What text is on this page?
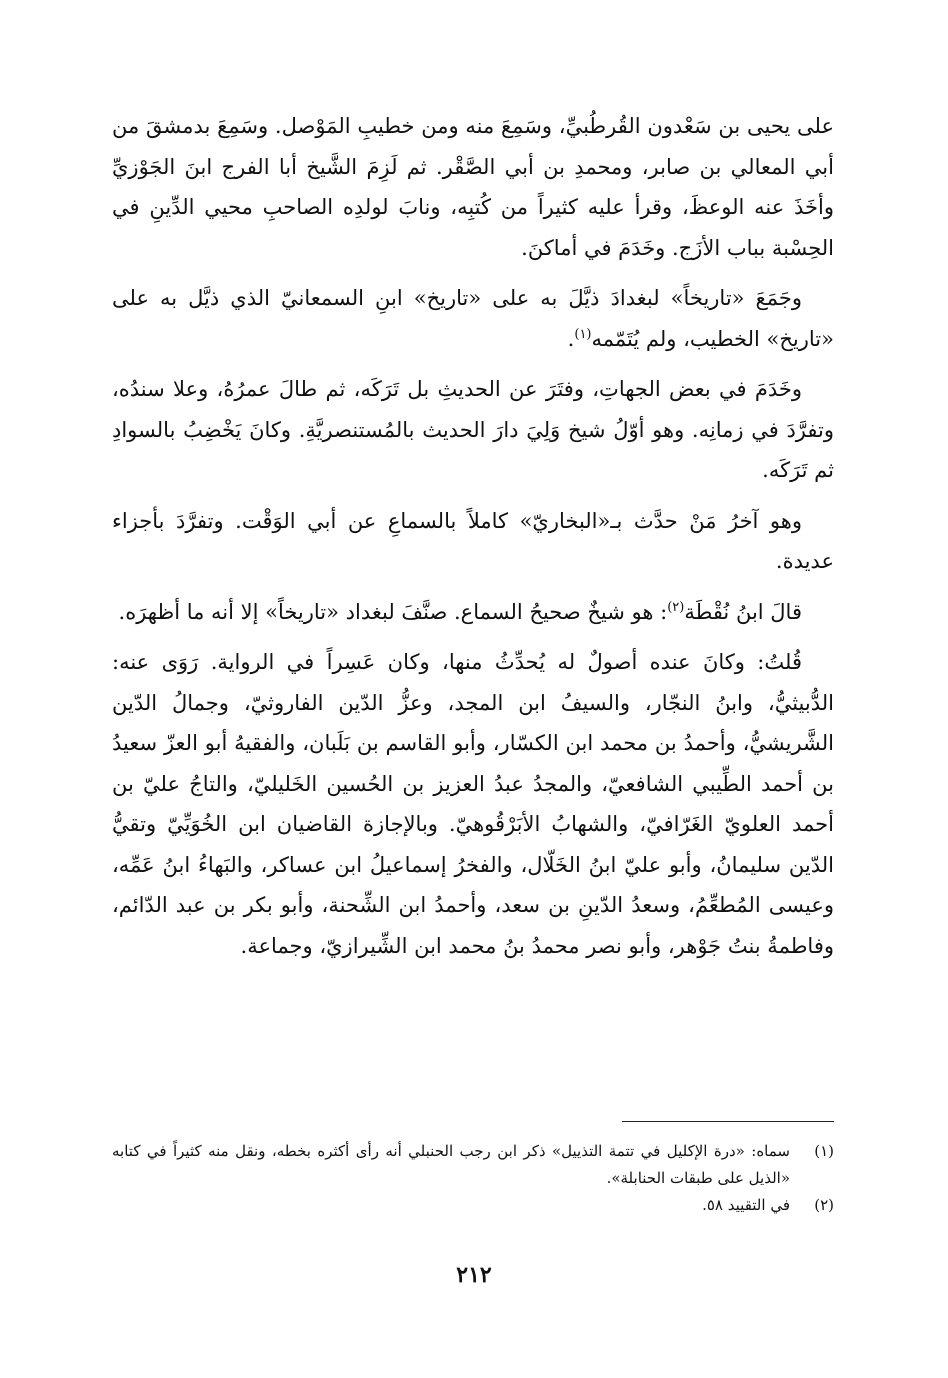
على يحيى بن سَعْدون القُرطُبيِّ، وسَمِعَ منه ومن خطيبِ المَوْصل. وسَمِعَ بدمشقَ من أبي المعالي بن صابر، ومحمدِ بن أبي الصَّقْر. ثم لَزِمَ الشَّيخ أبا الفرج ابنَ الجَوْزيِّ وأخَذَ عنه الوعظَ، وقرأ عليه كثيراً من كُتبِه، ونابَ لولدِه الصاحبِ محيي الدِّينِ في الحِسْبة بباب الأزَج. وخَدَمَ في أماكنَ.

وجَمَعَ «تاريخاً» لبغدادَ ذيَّلَ به على «تاريخ» ابنِ السمعانيّ الذي ذيَّل به على «تاريخ» الخطيب، ولم يُتَمّمه$^{(١)}$.

وخَدَمَ في بعض الجهاتِ، وفتَرَ عن الحديثِ بل تَرَكَه، ثم طالَ عمرُهُ، وعلا سندُه، وتفرَّدَ في زمانِه. وهو أوّلُ شيخ وَلِيَ دارَ الحديث بالمُستنصريَّةِ. وكانَ يَخْضِبُ بالسوادِ ثم تَرَكَه.

وهو آخرُ مَنْ حدَّث بـ«البخاريّ» كاملاً بالسماعِ عن أبي الوَقْت. وتفرَّدَ بأجزاء عديدة.

قالَ ابنُ نُقْطَة$^{(٢)}$: هو شيخٌ صحيحُ السماع. صنَّفَ لبغداد «تاريخاً» إلا أنه ما أظهرَه.

قُلتُ: وكانَ عنده أصولٌ له يُحدِّثُ منها، وكان عَسِراً في الرواية. رَوَى عنه: الدُّبيثيُّ، وابنُ النجّار، والسيفُ ابن المجد، وعزُّ الدّين الفاروثيّ، وجمالُ الدّين الشَّريشيُّ، وأحمدُ بن محمد ابن الكسّار، وأبو القاسم بن بَلَبان، والفقيهُ أبو العزّ سعيدُ بن أحمد الطِّيبي الشافعيّ، والمجدُ عبدُ العزيز بن الحُسين الخَليليّ، والتاجُ عليّ بن أحمد العلويّ الغَرّافيّ، والشهابُ الأبَرْقُوهيّ. وبالإجازة القاضيان ابن الخُوَيِّيّ وتقيُّ الدّين سليمانُ، وأبو عليّ ابنُ الخَلّال، والفخرُ إسماعيلُ ابن عساكر، والبَهاءُ ابنُ عَمِّه، وعيسى المُطعِّمُ، وسعدُ الدّينِ بن سعد، وأحمدُ ابن الشِّحنة، وأبو بكر بن عبد الدّائم، وفاطمةُ بنتُ جَوْهر، وأبو نصر محمدُ بنُ محمد ابن الشِّيرازيّ، وجماعة.

(١)سماه: «درة الإكليل في تتمة التذييل» ذكر ابن رجب الحنبلي أنه رأى أكثره بخطه، ونقل منه كثيراً في كتابه «الذيل على طبقات الحنابلة».

(٢)في التقييد ٥٨.

٢١٢
